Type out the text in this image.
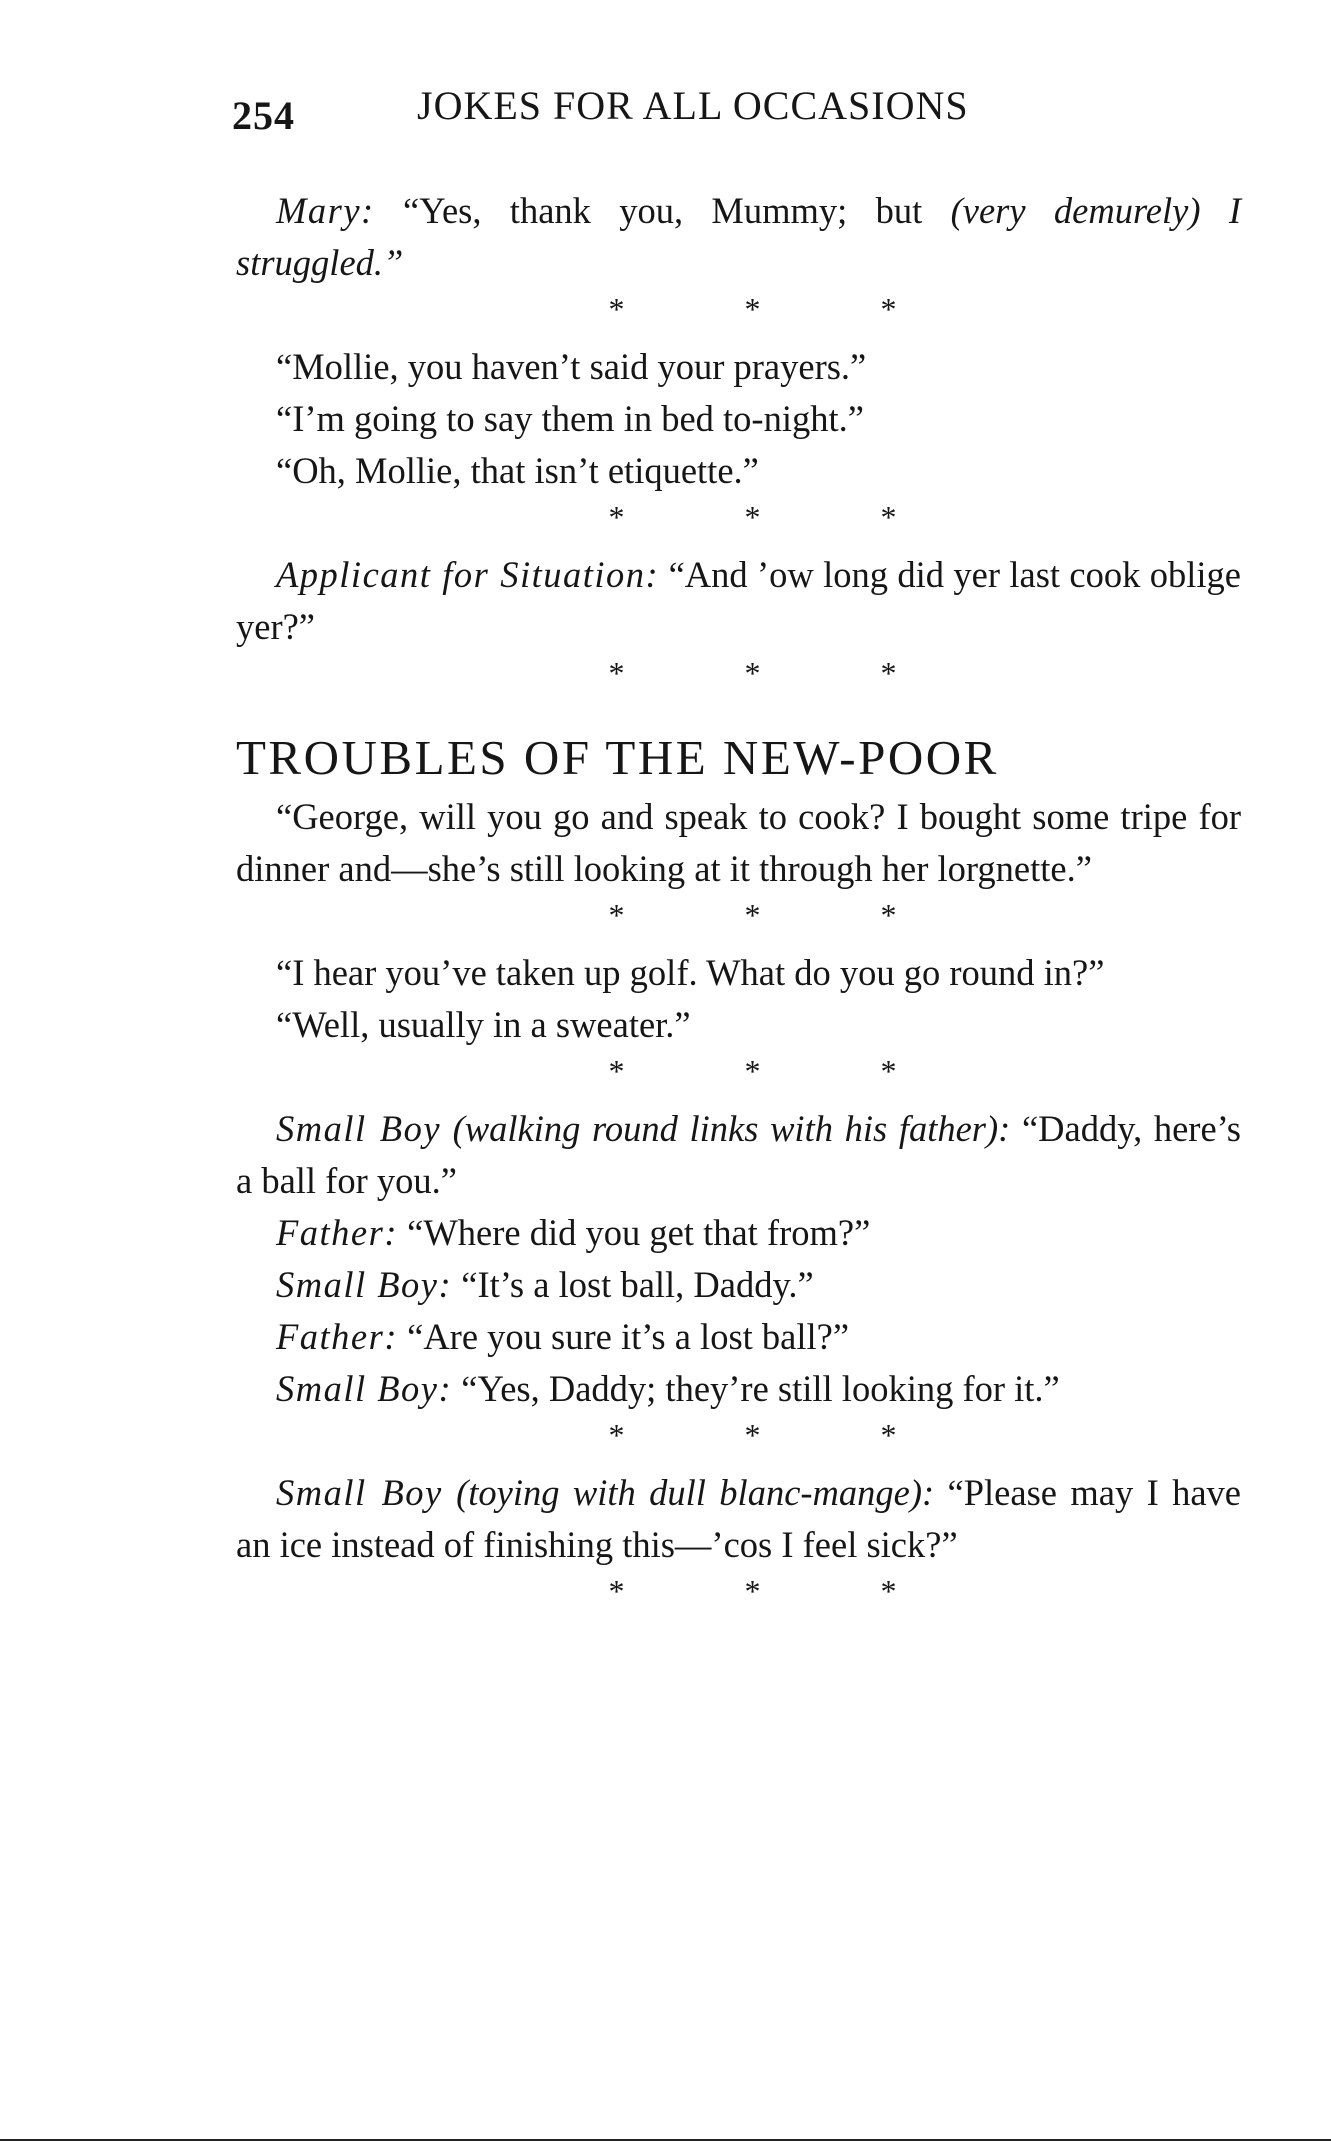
254	JOKES FOR ALL OCCASIONS

Mary: “Yes, thank you, Mummy; but (very demurely) I struggled.”

* * *

“Mollie, you haven’t said your prayers.”

“I’m going to say them in bed to-night.”

“Oh, Mollie, that isn’t etiquette.”

* * *

Applicant for Situation: “And ’ow long did yer last cook oblige yer?”

* * *

TROUBLES OF THE NEW-POOR

“George, will you go and speak to cook? I bought some tripe for dinner and—she’s still looking at it through her lorgnette.”

* * *

“I hear you’ve taken up golf. What do you go round in?”

“Well, usually in a sweater.”

* * *

Small Boy (walking round links with his father): “Daddy, here’s a ball for you.”

Father: “Where did you get that from?”

Small Boy: “It’s a lost ball, Daddy.”

Father: “Are you sure it’s a lost ball?”

Small Boy: “Yes, Daddy; they’re still looking for it.”

* * *

Small Boy (toying with dull blanc-mange): “Please may I have an ice instead of finishing this—’cos I feel sick?”

* * *
